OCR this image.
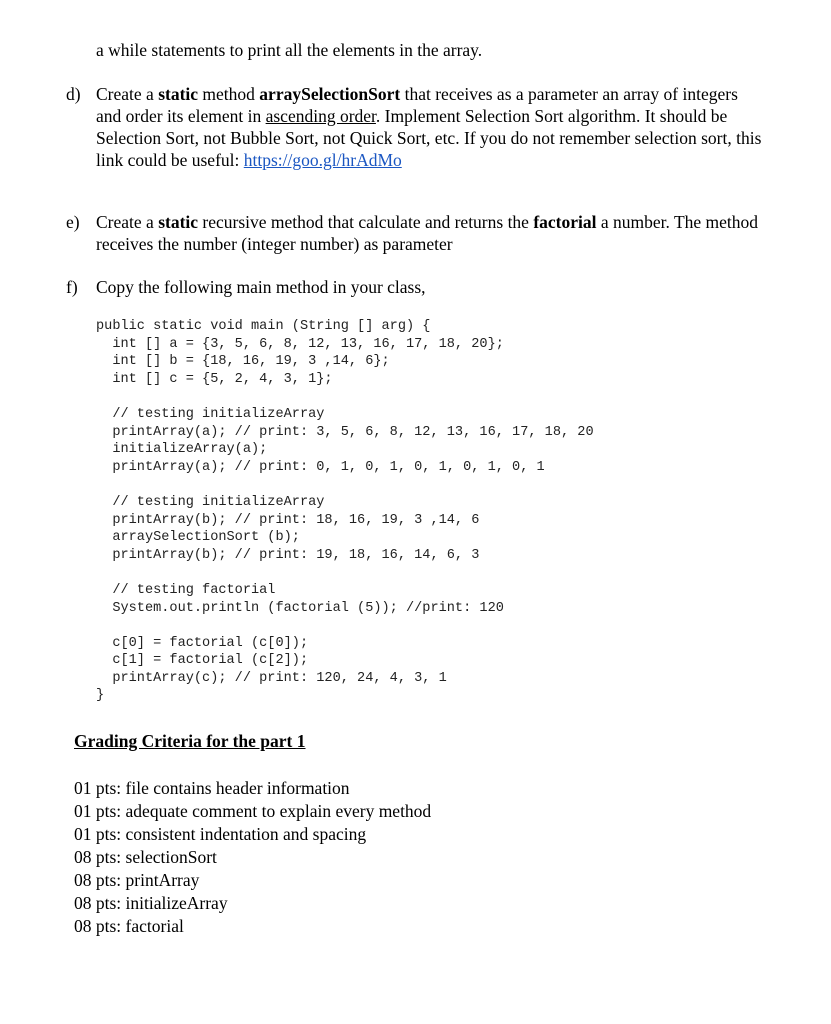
a while statements to print all the elements in the array.
d) Create a static method arraySelectionSort that receives as a parameter an array of integers and order its element in ascending order. Implement Selection Sort algorithm. It should be Selection Sort, not Bubble Sort, not Quick Sort, etc. If you do not remember selection sort, this link could be useful: https://goo.gl/hrAdMo
e) Create a static recursive method that calculate and returns the factorial a number. The method receives the number (integer number) as parameter
f) Copy the following main method in your class,
public static void main (String [] arg) {
int [] a = {3, 5, 6, 8, 12, 13, 16, 17, 18, 20};
int [] b = {18, 16, 19, 3 ,14, 6};
int [] c = {5, 2, 4, 3, 1};
// testing initializeArray
printArray(a); // print: 3, 5, 6, 8, 12, 13, 16, 17, 18, 20
initializeArray(a);
printArray(a); // print: 0, 1, 0, 1, 0, 1, 0, 1, 0, 1
// testing initializeArray
printArray(b); // print: 18, 16, 19, 3 ,14, 6
arraySelectionSort (b);
printArray(b); // print: 19, 18, 16, 14, 6, 3
// testing factorial
System.out.println (factorial (5)); //print: 120
c[0] = factorial (c[0]);
c[1] = factorial (c[2]);
printArray(c); // print: 120, 24, 4, 3, 1
}
Grading Criteria for the part 1
01 pts: file contains header information
01 pts: adequate comment to explain every method
01 pts: consistent indentation and spacing
08 pts: selectionSort
08 pts: printArray
08 pts: initializeArray
08 pts: factorial
